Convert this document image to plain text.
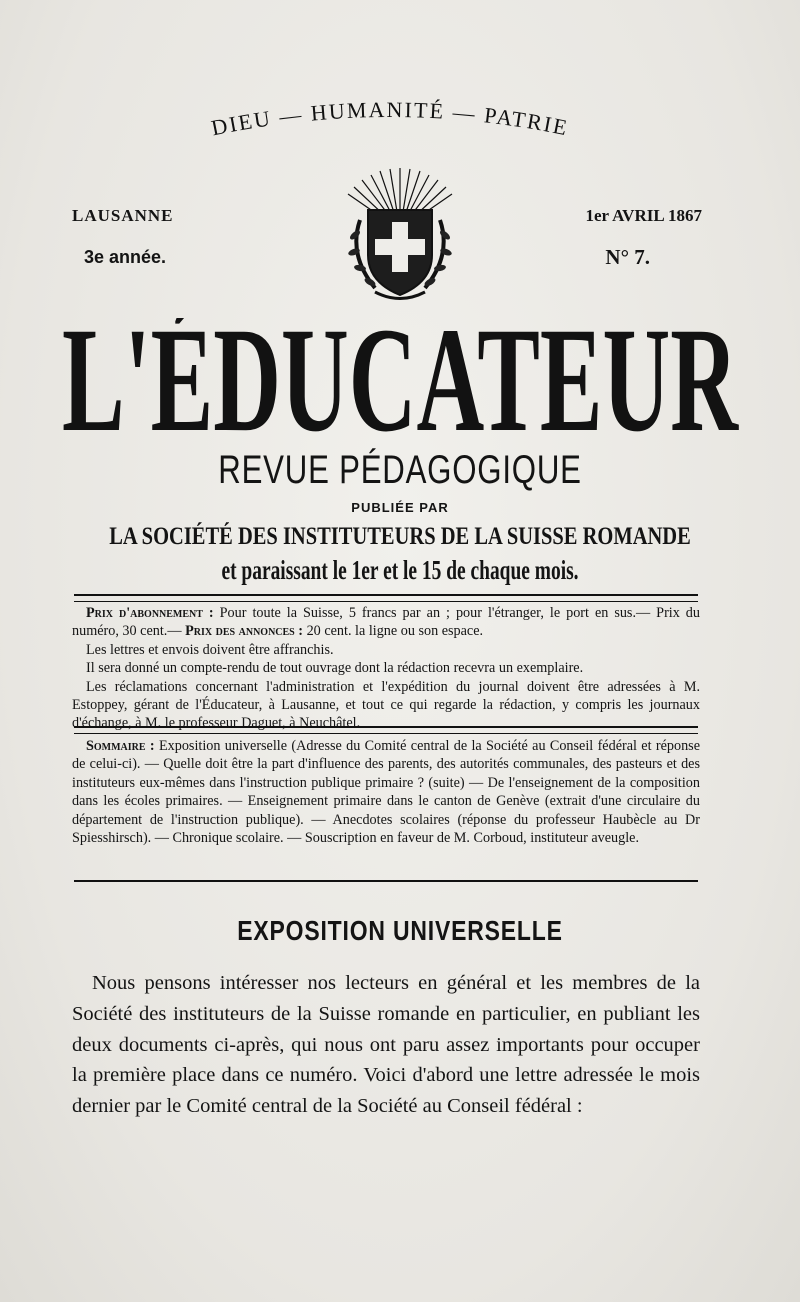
DIEU — HUMANITÉ — PATRIE
LAUSANNE	1er AVRIL 1867
3e année.	N° 7.
L'ÉDUCATEUR
REVUE PÉDAGOGIQUE
PUBLIÉE PAR
LA SOCIÉTÉ DES INSTITUTEURS DE LA SUISSE ROMANDE
et paraissant le 1er et le 15 de chaque mois.

Prix d'abonnement : Pour toute la Suisse, 5 francs par an ; pour l'étranger, le port en sus.— Prix du numéro, 30 cent.— Prix des annonces : 20 cent. la ligne ou son espace.

Les lettres et envois doivent être affranchis.

Il sera donné un compte-rendu de tout ouvrage dont la rédaction recevra un exemplaire.

Les réclamations concernant l'administration et l'expédition du journal doivent être adressées à M. Estoppey, gérant de l'Éducateur, à Lausanne, et tout ce qui regarde la rédaction, y compris les journaux d'échange, à M. le professeur Daguet, à Neuchâtel.

Sommaire : Exposition universelle (Adresse du Comité central de la Société au Conseil fédéral et réponse de celui-ci). — Quelle doit être la part d'influence des parents, des autorités communales, des pasteurs et des instituteurs eux-mêmes dans l'instruction publique primaire ? (suite) — De l'enseignement de la composition dans les écoles primaires. — Enseignement primaire dans le canton de Genève (extrait d'une circulaire du département de l'instruction publique). — Anecdotes scolaires (réponse du professeur Haubècle au Dr Spiesshirsch). — Chronique scolaire. — Souscription en faveur de M. Corboud, instituteur aveugle.

EXPOSITION UNIVERSELLE
Nous pensons intéresser nos lecteurs en général et les membres de la Société des instituteurs de la Suisse romande en particulier, en publiant les deux documents ci-après, qui nous ont paru assez importants pour occuper la première place dans ce numéro. Voici d'abord une lettre adressée le mois dernier par le Comité central de la Société au Conseil fédéral :
